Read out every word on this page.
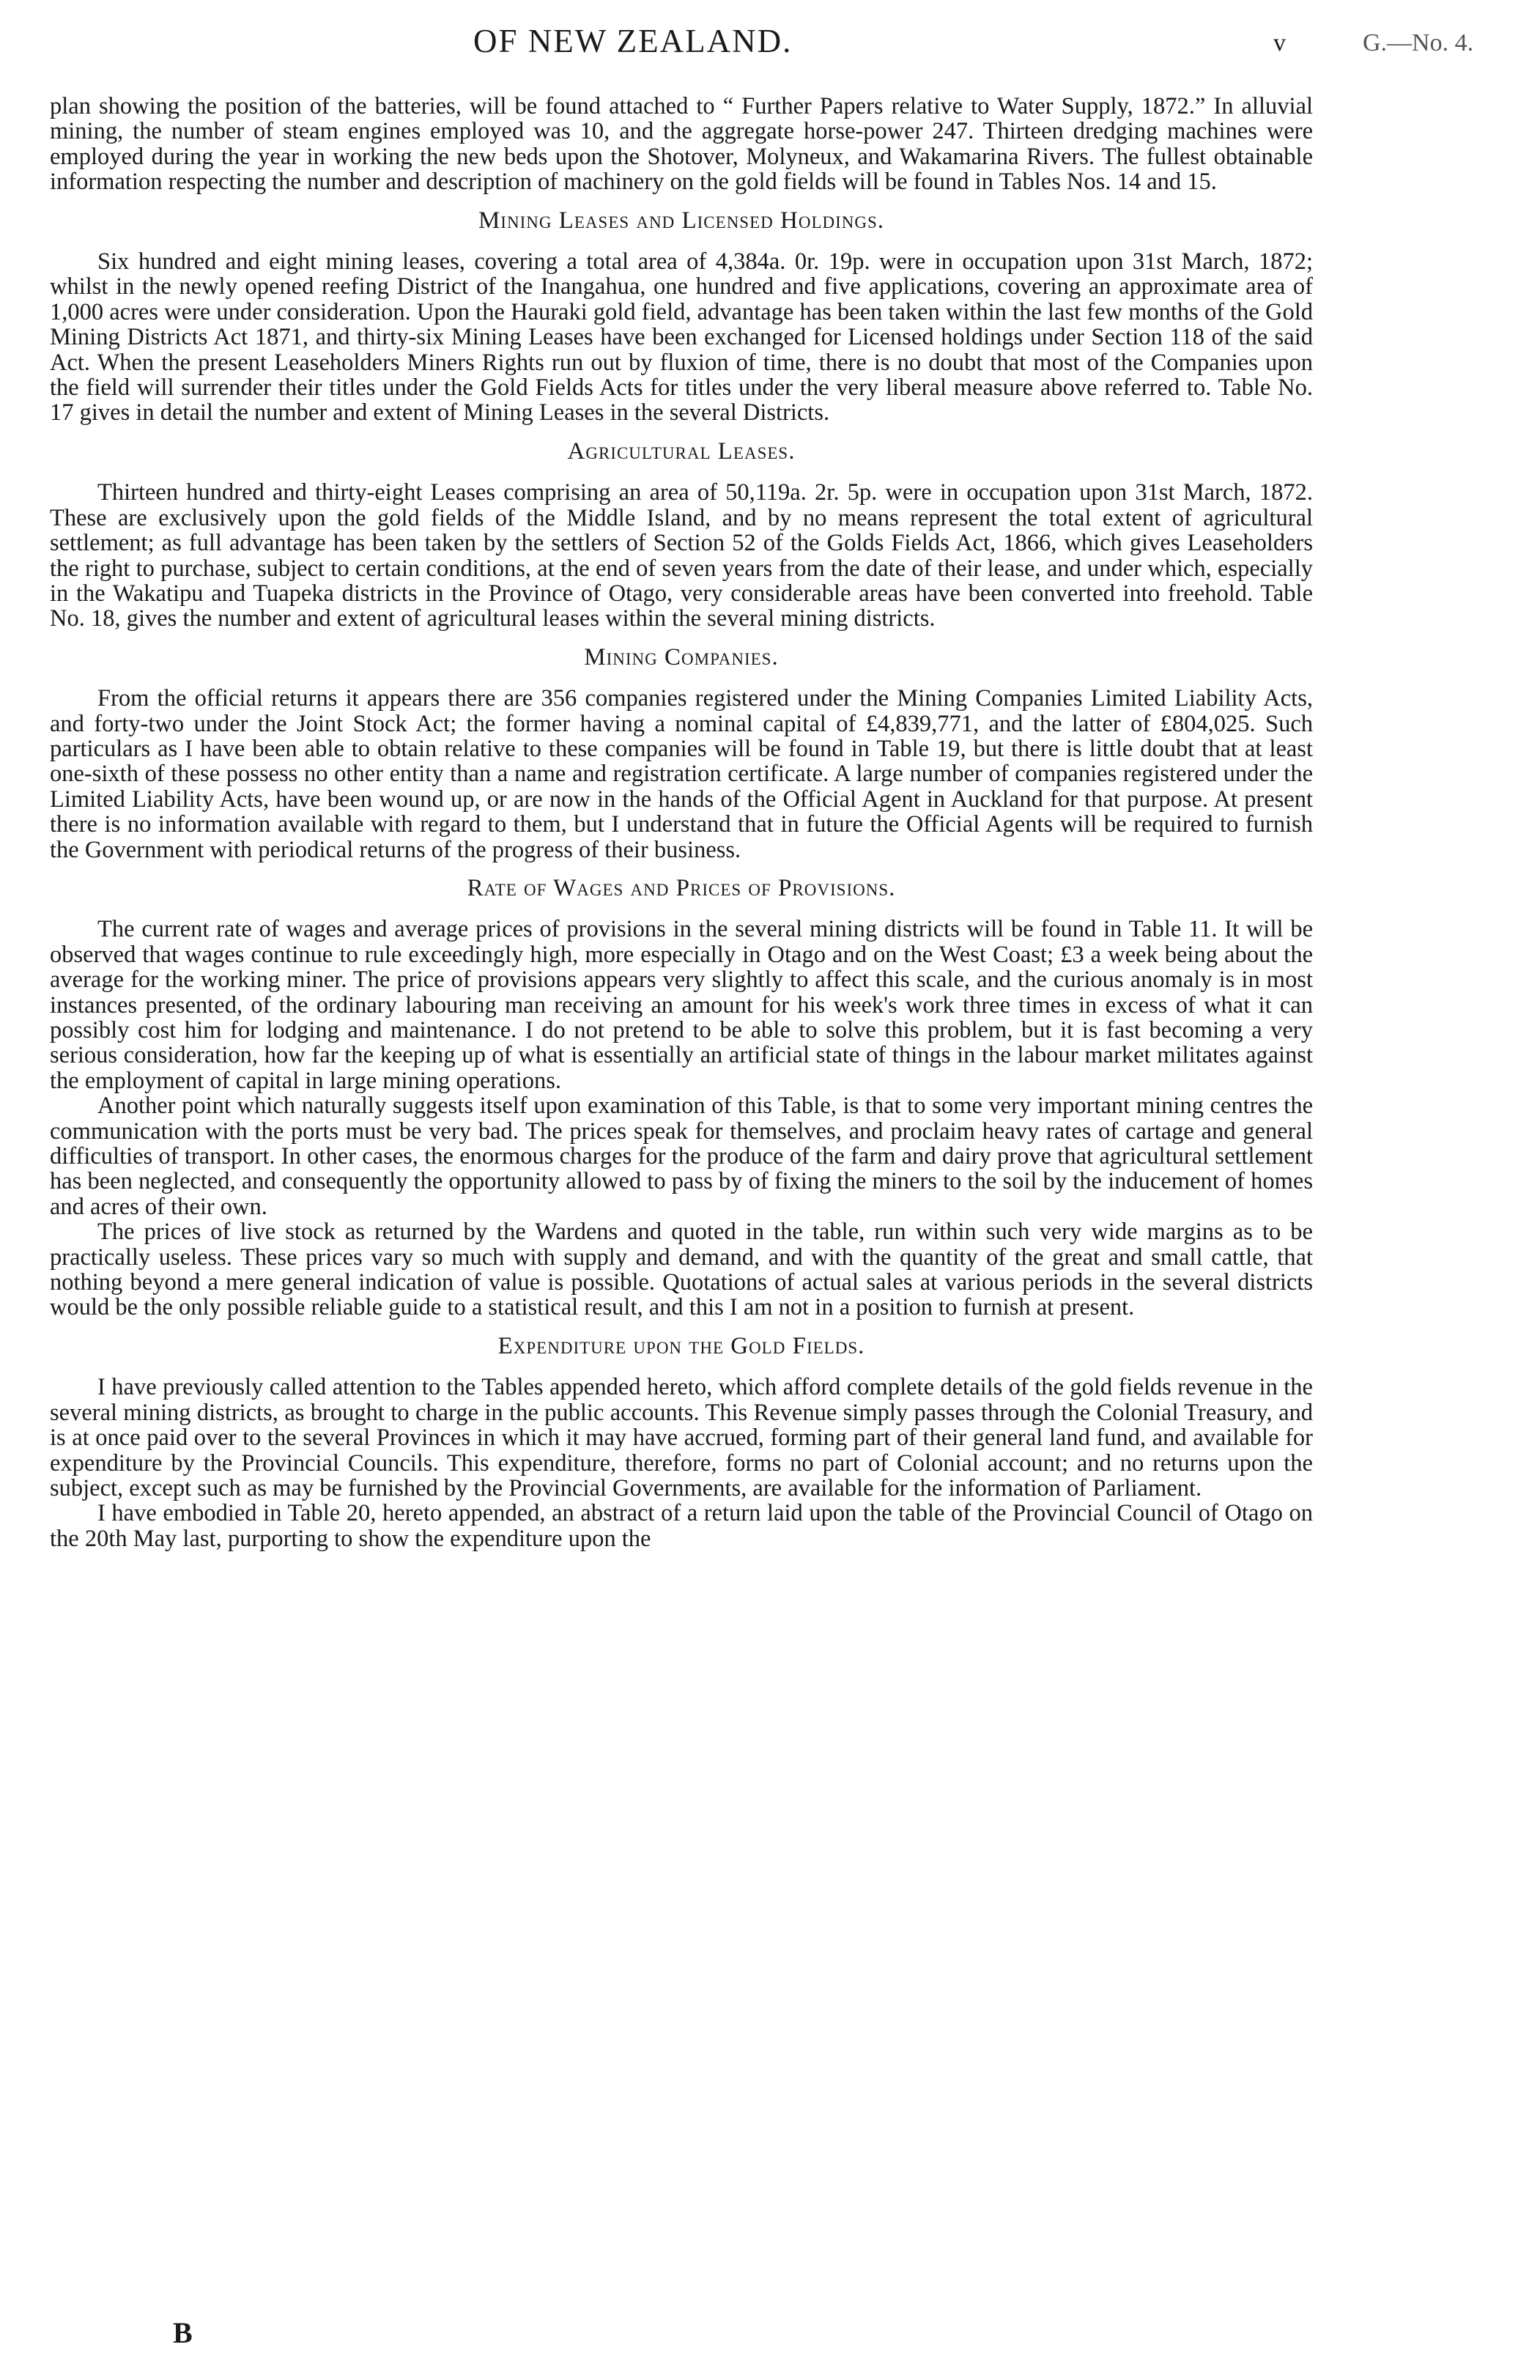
OF NEW ZEALAND.	v	G.—No. 4.

plan showing the position of the batteries, will be found attached to “ Further Papers relative to Water Supply, 1872.” In alluvial mining, the number of steam engines employed was 10, and the aggregate horse-power 247. Thirteen dredging machines were employed during the year in working the new beds upon the Shotover, Molyneux, and Wakamarina Rivers. The fullest obtainable information respecting the number and description of machinery on the gold fields will be found in Tables Nos. 14 and 15.

Mining Leases and Licensed Holdings.

Six hundred and eight mining leases, covering a total area of 4,384a. 0r. 19p. were in occupation upon 31st March, 1872; whilst in the newly opened reefing District of the Inangahua, one hundred and five applications, covering an approximate area of 1,000 acres were under consideration. Upon the Hauraki gold field, advantage has been taken within the last few months of the Gold Mining Districts Act 1871, and thirty-six Mining Leases have been exchanged for Licensed holdings under Section 118 of the said Act. When the present Leaseholders Miners Rights run out by fluxion of time, there is no doubt that most of the Companies upon the field will surrender their titles under the Gold Fields Acts for titles under the very liberal measure above referred to. Table No. 17 gives in detail the number and extent of Mining Leases in the several Districts.

Agricultural Leases.

Thirteen hundred and thirty-eight Leases comprising an area of 50,119a. 2r. 5p. were in occupation upon 31st March, 1872. These are exclusively upon the gold fields of the Middle Island, and by no means represent the total extent of agricultural settlement; as full advantage has been taken by the settlers of Section 52 of the Golds Fields Act, 1866, which gives Leaseholders the right to purchase, subject to certain conditions, at the end of seven years from the date of their lease, and under which, especially in the Wakatipu and Tuapeka districts in the Province of Otago, very considerable areas have been converted into freehold. Table No. 18, gives the number and extent of agricultural leases within the several mining districts.

Mining Companies.

From the official returns it appears there are 356 companies registered under the Mining Companies Limited Liability Acts, and forty-two under the Joint Stock Act; the former having a nominal capital of £4,839,771, and the latter of £804,025. Such particulars as I have been able to obtain relative to these companies will be found in Table 19, but there is little doubt that at least one-sixth of these possess no other entity than a name and registration certificate. A large number of companies registered under the Limited Liability Acts, have been wound up, or are now in the hands of the Official Agent in Auckland for that purpose. At present there is no information available with regard to them, but I understand that in future the Official Agents will be required to furnish the Government with periodical returns of the progress of their business.

Rate of Wages and Prices of Provisions.

The current rate of wages and average prices of provisions in the several mining districts will be found in Table 11. It will be observed that wages continue to rule exceedingly high, more especially in Otago and on the West Coast; £3 a week being about the average for the working miner. The price of provisions appears very slightly to affect this scale, and the curious anomaly is in most instances presented, of the ordinary labouring man receiving an amount for his week's work three times in excess of what it can possibly cost him for lodging and maintenance. I do not pretend to be able to solve this problem, but it is fast becoming a very serious consideration, how far the keeping up of what is essentially an artificial state of things in the labour market militates against the employment of capital in large mining operations.

Another point which naturally suggests itself upon examination of this Table, is that to some very important mining centres the communication with the ports must be very bad. The prices speak for themselves, and proclaim heavy rates of cartage and general difficulties of transport. In other cases, the enormous charges for the produce of the farm and dairy prove that agricultural settlement has been neglected, and consequently the opportunity allowed to pass by of fixing the miners to the soil by the inducement of homes and acres of their own.

The prices of live stock as returned by the Wardens and quoted in the table, run within such very wide margins as to be practically useless. These prices vary so much with supply and demand, and with the quantity of the great and small cattle, that nothing beyond a mere general indication of value is possible. Quotations of actual sales at various periods in the several districts would be the only possible reliable guide to a statistical result, and this I am not in a position to furnish at present.

Expenditure upon the Gold Fields.

I have previously called attention to the Tables appended hereto, which afford complete details of the gold fields revenue in the several mining districts, as brought to charge in the public accounts. This Revenue simply passes through the Colonial Treasury, and is at once paid over to the several Provinces in which it may have accrued, forming part of their general land fund, and available for expenditure by the Provincial Councils. This expenditure, therefore, forms no part of Colonial account; and no returns upon the subject, except such as may be furnished by the Provincial Governments, are available for the information of Parliament.

I have embodied in Table 20, hereto appended, an abstract of a return laid upon the table of the Provincial Council of Otago on the 20th May last, purporting to show the expenditure upon the

B
